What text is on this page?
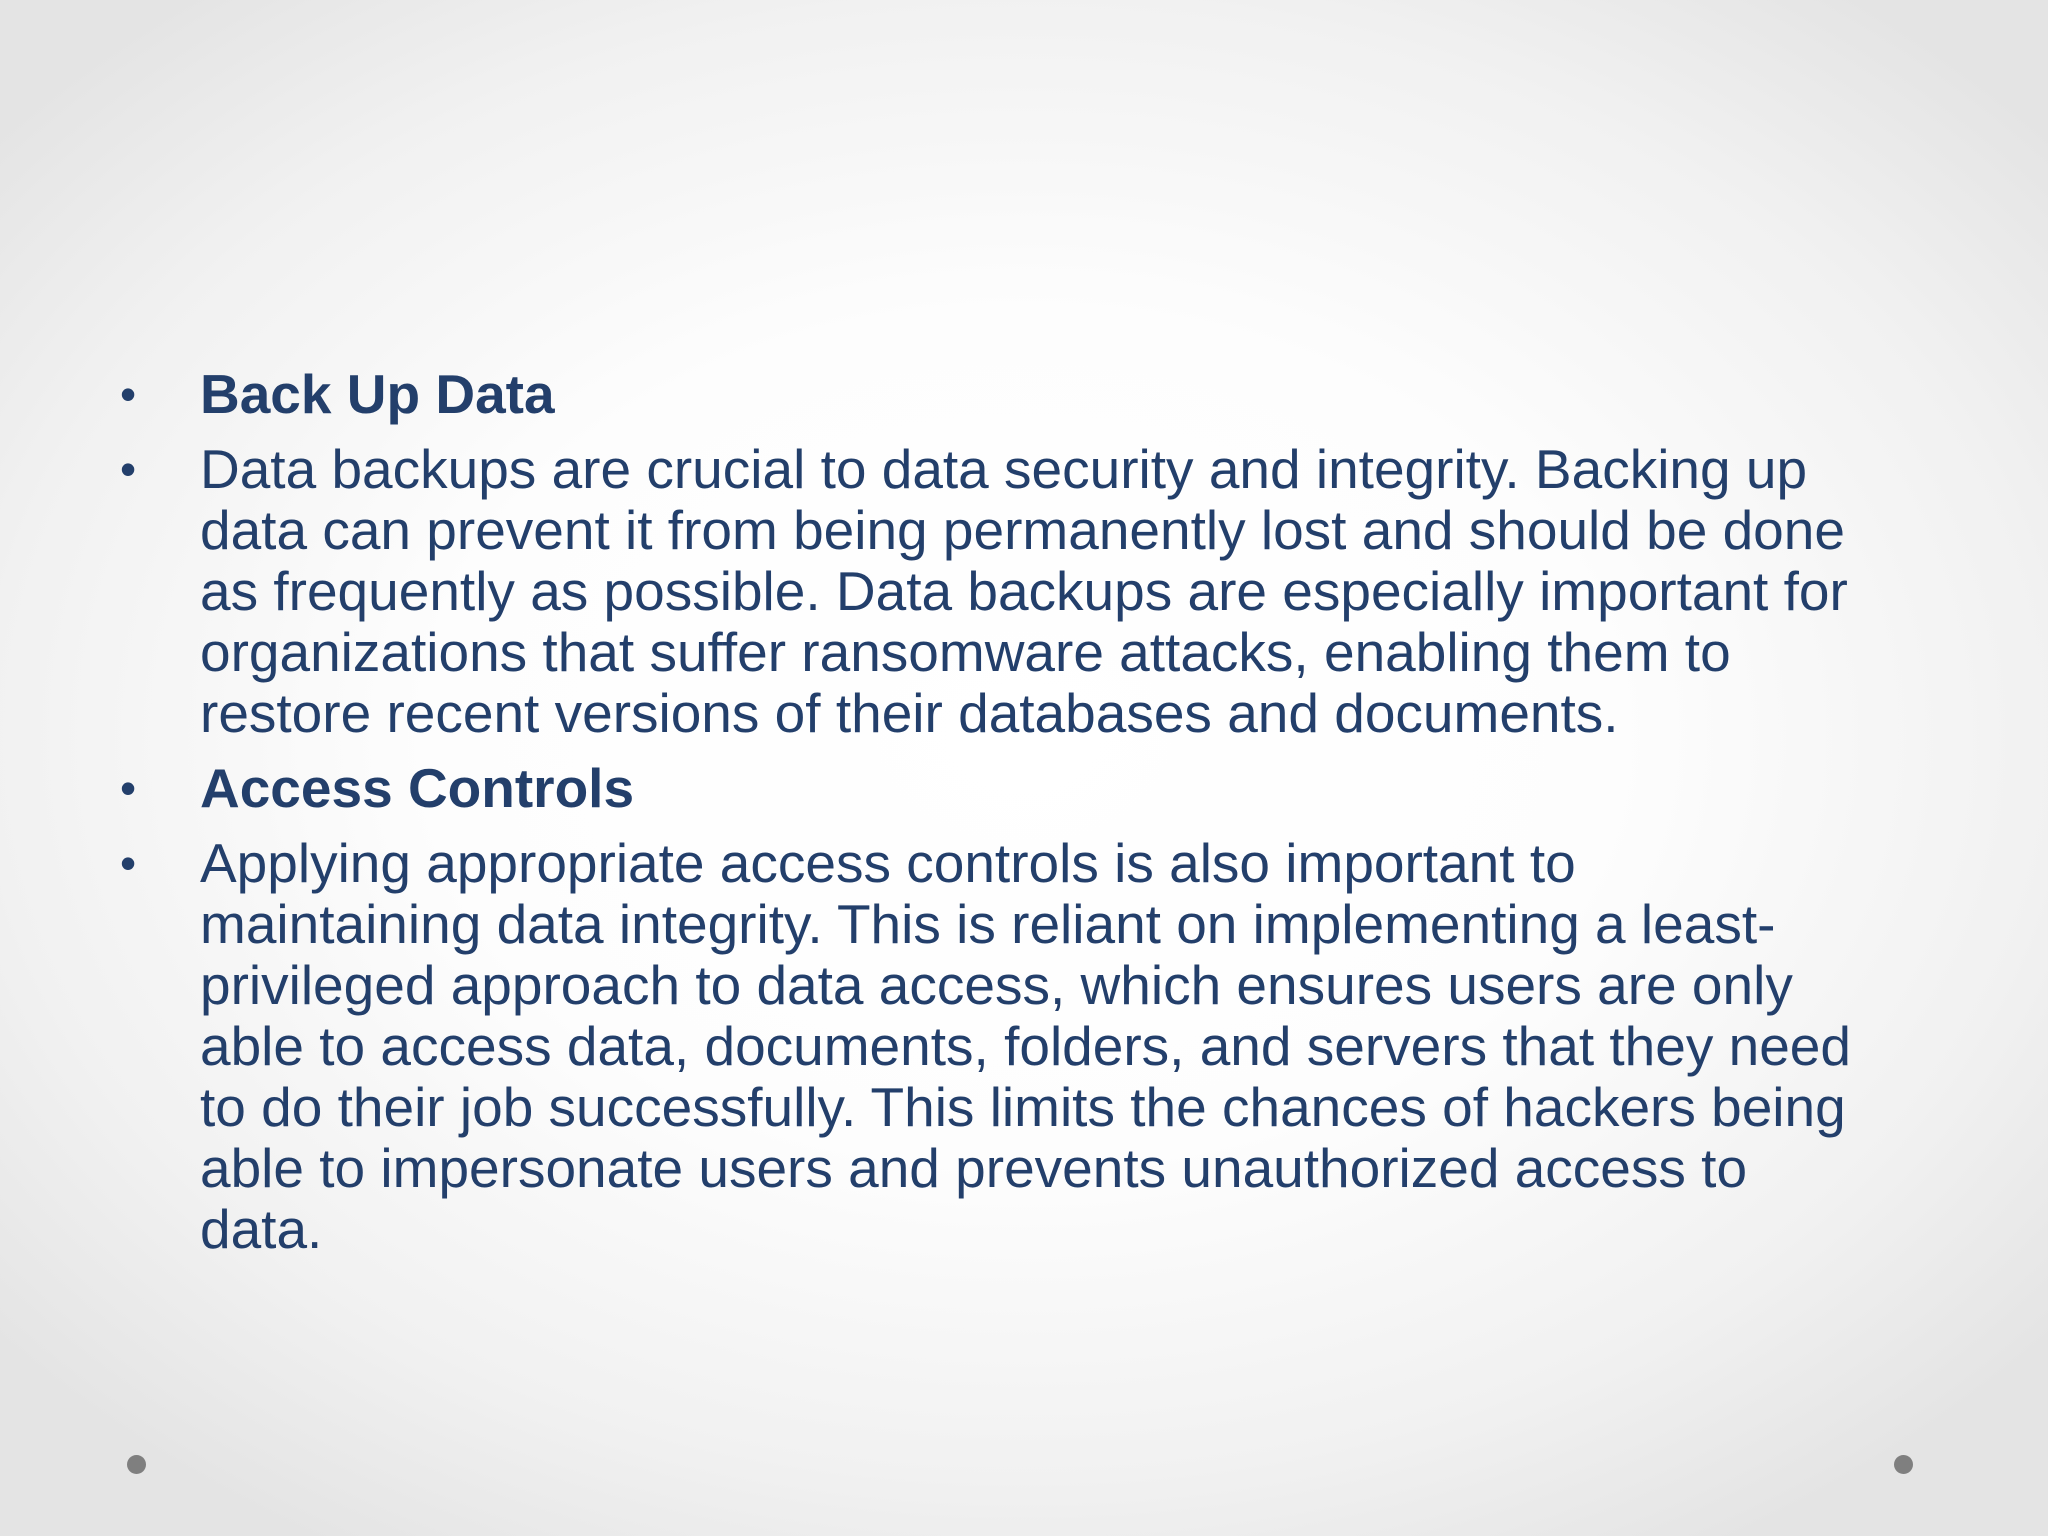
• Back Up Data
• Data backups are crucial to data security and integrity. Backing up
data can prevent it from being permanently lost and should be done
as frequently as possible. Data backups are especially important for
organizations that suffer ransomware attacks, enabling them to
restore recent versions of their databases and documents.
• Access Controls
• Applying appropriate access controls is also important to
maintaining data integrity. This is reliant on implementing a least-
privileged approach to data access, which ensures users are only
able to access data, documents, folders, and servers that they need
to do their job successfully. This limits the chances of hackers being
able to impersonate users and prevents unauthorized access to
data.
